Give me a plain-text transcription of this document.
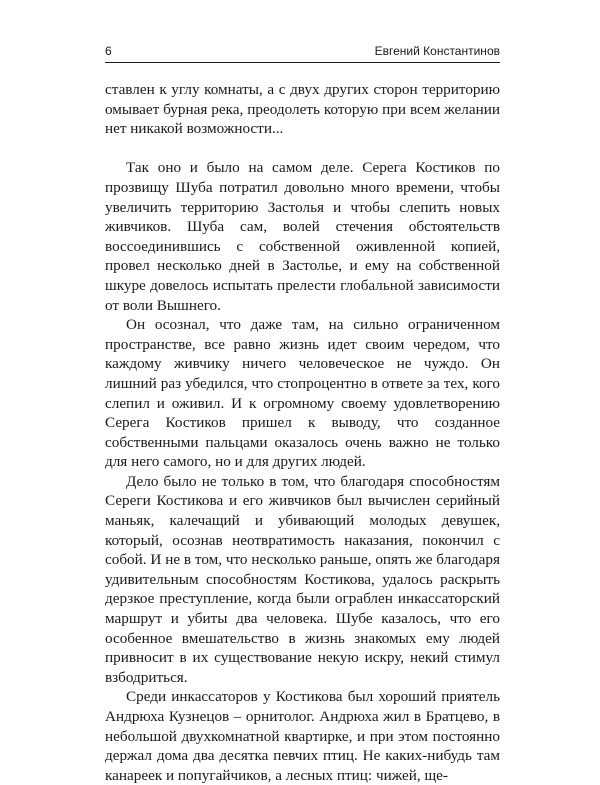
6	Евгений Константинов

ставлен к углу комнаты, а с двух других сторон территорию омывает бурная река, преодолеть которую при всем желании нет никакой возможности...

Так оно и было на самом деле. Серега Костиков по прозвищу Шуба потратил довольно много времени, чтобы увеличить территорию Застолья и чтобы слепить новых живчиков. Шуба сам, волей стечения обстоятельств воссоединившись с собственной оживленной копией, провел несколько дней в Застолье, и ему на собственной шкуре довелось испытать прелести глобальной зависимости от воли Вышнего.

Он осознал, что даже там, на сильно ограниченном пространстве, все равно жизнь идет своим чередом, что каждому живчику ничего человеческое не чуждо. Он лишний раз убедился, что стопроцентно в ответе за тех, кого слепил и оживил. И к огромному своему удовлетворению Серега Костиков пришел к выводу, что созданное собственными пальцами оказалось очень важно не только для него самого, но и для других людей.

Дело было не только в том, что благодаря способностям Сереги Костикова и его живчиков был вычислен серийный маньяк, калечащий и убивающий молодых девушек, который, осознав неотвратимость наказания, покончил с собой. И не в том, что несколько раньше, опять же благодаря удивительным способностям Костикова, удалось раскрыть дерзкое преступление, когда были ограблен инкассаторский маршрут и убиты два человека. Шубе казалось, что его особенное вмешательство в жизнь знакомых ему людей привносит в их существование некую искру, некий стимул взбодриться.

Среди инкассаторов у Костикова был хороший приятель Андрюха Кузнецов – орнитолог. Андрюха жил в Братцево, в небольшой двухкомнатной квартирке, и при этом постоянно держал дома два десятка певчих птиц. Не каких-нибудь там канареек и попугайчиков, а лесных птиц: чижей, ще-
